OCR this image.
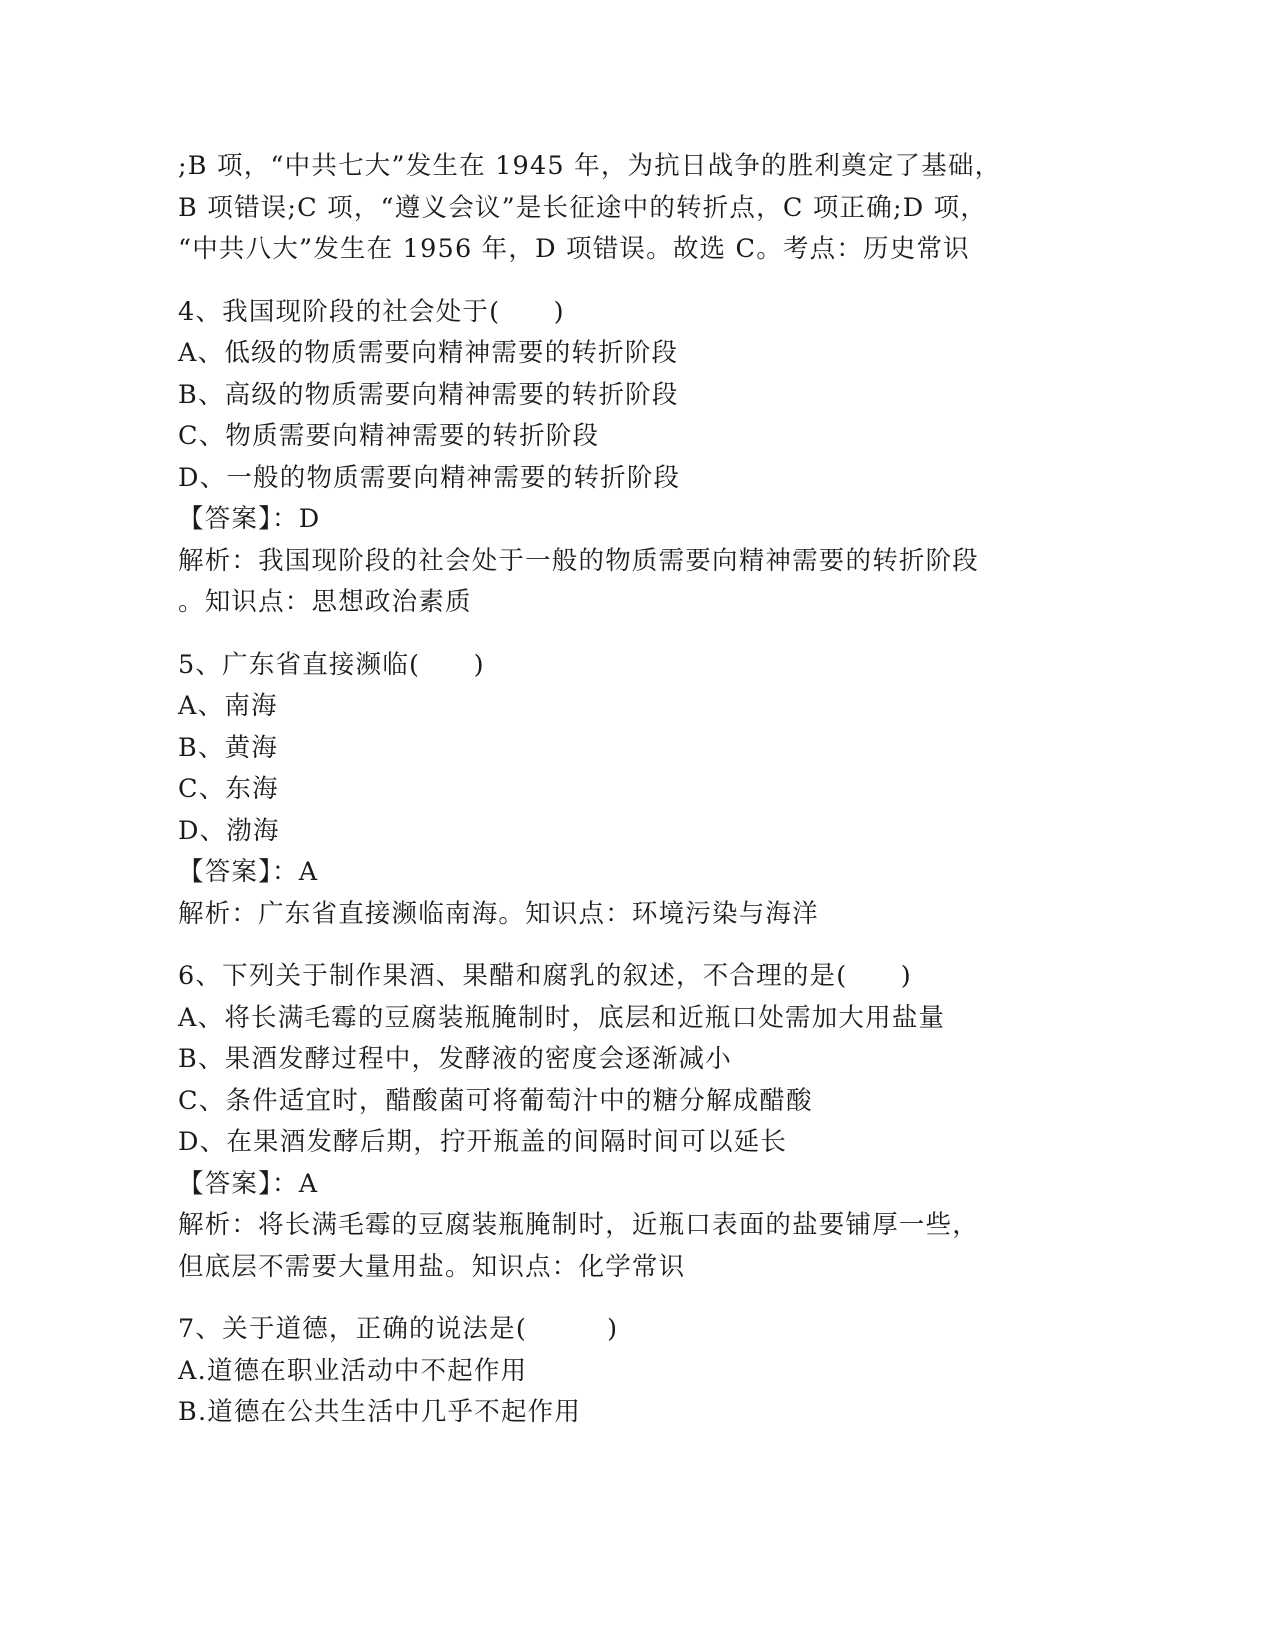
;B 项，“中共七大”发生在 1945 年，为抗日战争的胜利奠定了基础，
B 项错误;C 项，“遵义会议”是长征途中的转折点，C 项正确;D 项，
“中共八大”发生在 1956 年，D 项错误。故选 C。考点：历史常识
4、我国现阶段的社会处于(　　)
A、低级的物质需要向精神需要的转折阶段
B、高级的物质需要向精神需要的转折阶段
C、物质需要向精神需要的转折阶段
D、一般的物质需要向精神需要的转折阶段
【答案】：D
解析：我国现阶段的社会处于一般的物质需要向精神需要的转折阶段
。知识点：思想政治素质
5、广东省直接濒临(　　)
A、南海
B、黄海
C、东海
D、渤海
【答案】：A
解析：广东省直接濒临南海。知识点：环境污染与海洋
6、下列关于制作果酒、果醋和腐乳的叙述，不合理的是(　　)
A、将长满毛霉的豆腐装瓶腌制时，底层和近瓶口处需加大用盐量
B、果酒发酵过程中，发酵液的密度会逐渐减小
C、条件适宜时，醋酸菌可将葡萄汁中的糖分解成醋酸
D、在果酒发酵后期，拧开瓶盖的间隔时间可以延长
【答案】：A
解析：将长满毛霉的豆腐装瓶腌制时，近瓶口表面的盐要铺厚一些，
但底层不需要大量用盐。知识点：化学常识
7、关于道德，正确的说法是(　　　)
A.道德在职业活动中不起作用
B.道德在公共生活中几乎不起作用
